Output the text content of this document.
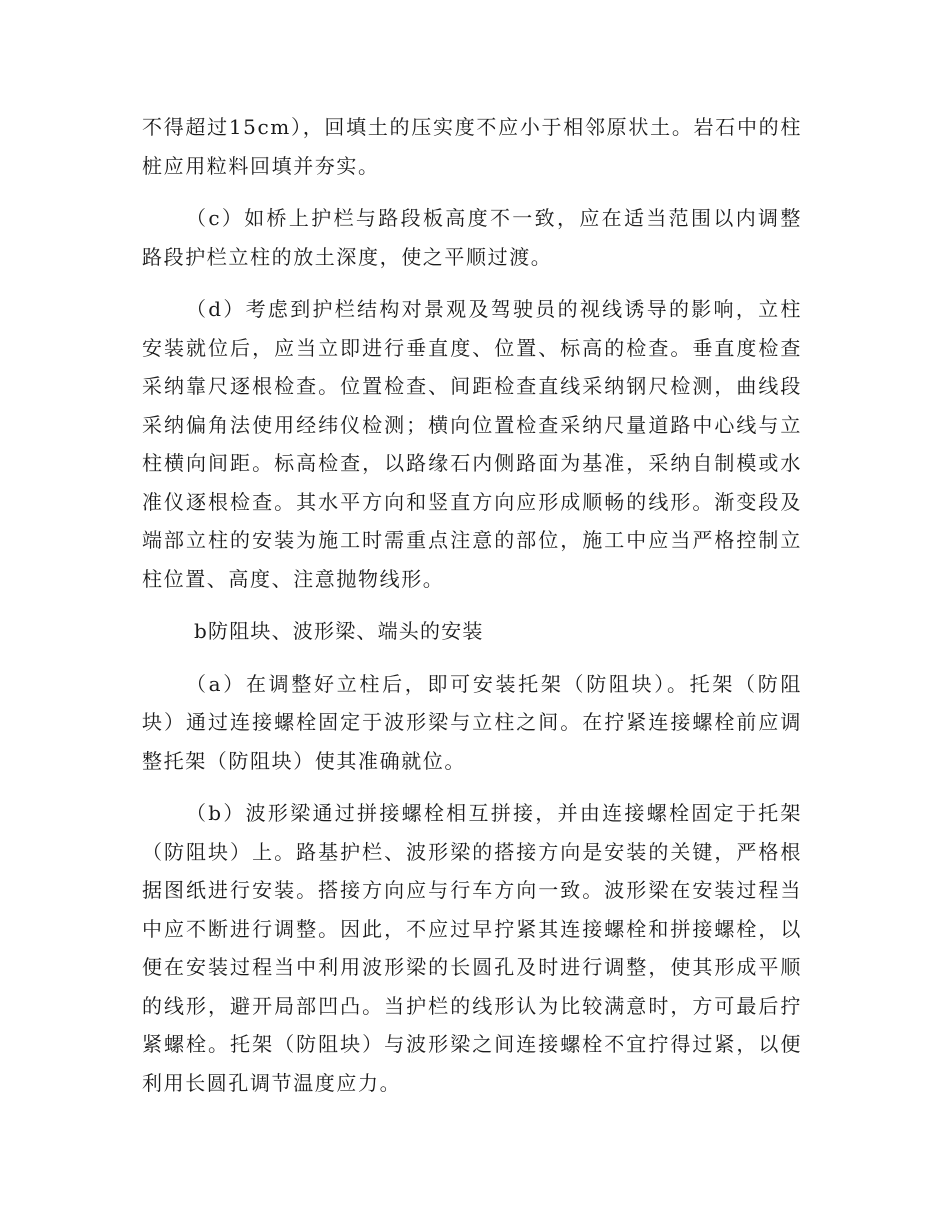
不得超过15cm），回填土的压实度不应小于相邻原状土。岩石中的柱桩应用粒料回填并夯实。

（c）如桥上护栏与路段板高度不一致，应在适当范围以内调整路段护栏立柱的放土深度，使之平顺过渡。

（d）考虑到护栏结构对景观及驾驶员的视线诱导的影响，立柱安装就位后，应当立即进行垂直度、位置、标高的检查。垂直度检查采纳靠尺逐根检查。位置检查、间距检查直线采纳钢尺检测，曲线段采纳偏角法使用经纬仪检测；横向位置检查采纳尺量道路中心线与立柱横向间距。标高检查，以路缘石内侧路面为基准，采纳自制模或水准仪逐根检查。其水平方向和竖直方向应形成顺畅的线形。渐变段及端部立柱的安装为施工时需重点注意的部位，施工中应当严格控制立柱位置、高度、注意抛物线形。

b防阻块、波形梁、端头的安装

（a）在调整好立柱后，即可安装托架（防阻块）。托架（防阻块）通过连接螺栓固定于波形梁与立柱之间。在拧紧连接螺栓前应调整托架（防阻块）使其准确就位。

（b）波形梁通过拼接螺栓相互拼接，并由连接螺栓固定于托架（防阻块）上。路基护栏、波形梁的搭接方向是安装的关键，严格根据图纸进行安装。搭接方向应与行车方向一致。波形梁在安装过程当中应不断进行调整。因此，不应过早拧紧其连接螺栓和拼接螺栓，以便在安装过程当中利用波形梁的长圆孔及时进行调整，使其形成平顺的线形，避开局部凹凸。当护栏的线形认为比较满意时，方可最后拧紧螺栓。托架（防阻块）与波形梁之间连接螺栓不宜拧得过紧，以便利用长圆孔调节温度应力。
